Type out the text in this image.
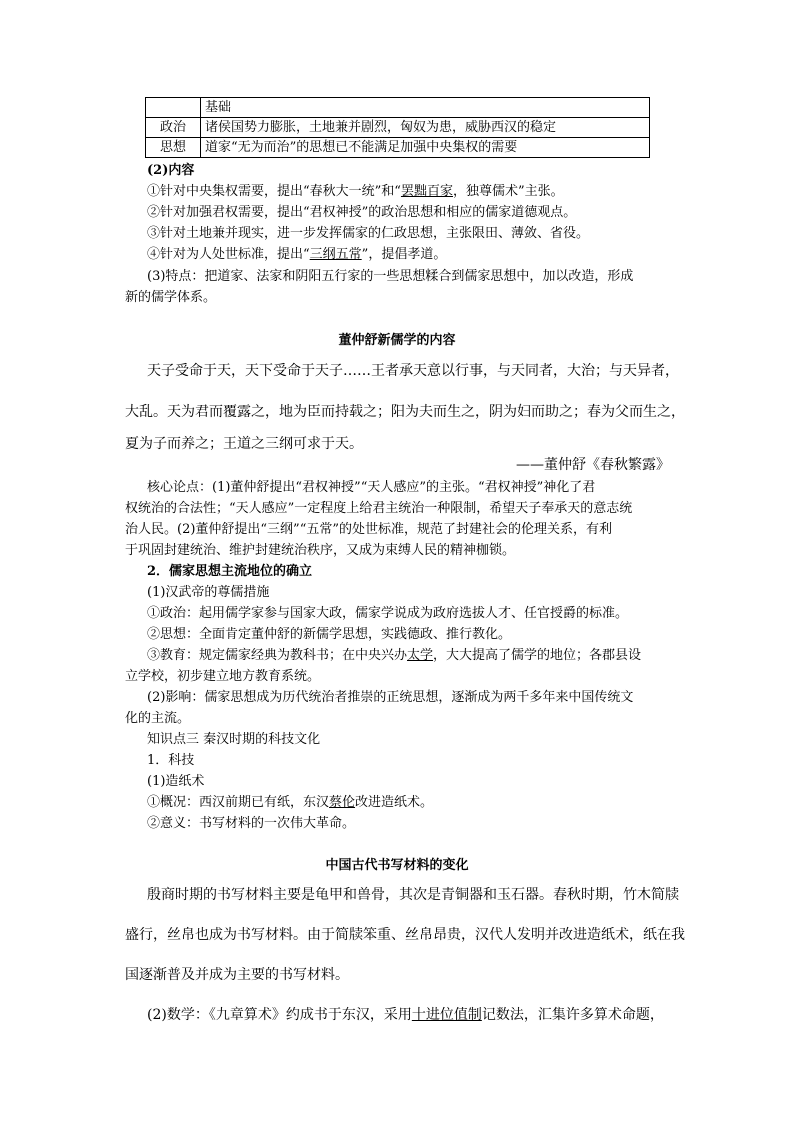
	基础
政治	诸侯国势力膨胀，土地兼并剧烈，匈奴为患，威胁西汉的稳定
思想	道家“无为而治”的思想已不能满足加强中央集权的需要
(2)内容
①针对中央集权需要，提出“春秋大一统”和“罢黜百家，独尊儒术”主张。
②针对加强君权需要，提出“君权神授”的政治思想和相应的儒家道德观点。
③针对土地兼并现实，进一步发挥儒家的仁政思想，主张限田、薄敛、省役。
④针对为人处世标准，提出“三纲五常”，提倡孝道。
(3)特点：把道家、法家和阴阳五行家的一些思想糅合到儒家思想中，加以改造，形成
新的儒学体系。
董仲舒新儒学的内容
天子受命于天，天下受命于天子……王者承天意以行事，与天同者，大治；与天异者，
大乱。天为君而覆露之，地为臣而持载之；阳为夫而生之，阴为妇而助之；春为父而生之，
夏为子而养之；王道之三纲可求于天。
——董仲舒《春秋繁露》
核心论点：(1)董仲舒提出“君权神授”“天人感应”的主张。“君权神授”神化了君
权统治的合法性；“天人感应”一定程度上给君主统治一种限制，希望天子奉承天的意志统
治人民。(2)董仲舒提出“三纲”“五常”的处世标准，规范了封建社会的伦理关系，有利
于巩固封建统治、维护封建统治秩序，又成为束缚人民的精神枷锁。
2．儒家思想主流地位的确立
(1)汉武帝的尊儒措施
①政治：起用儒学家参与国家大政，儒家学说成为政府选拔人才、任官授爵的标准。
②思想：全面肯定董仲舒的新儒学思想，实践德政、推行教化。
③教育：规定儒家经典为教科书；在中央兴办太学，大大提高了儒学的地位；各郡县设
立学校，初步建立地方教育系统。
(2)影响：儒家思想成为历代统治者推崇的正统思想，逐渐成为两千多年来中国传统文
化的主流。
知识点三 秦汉时期的科技文化
1．科技
(1)造纸术
①概况：西汉前期已有纸，东汉蔡伦改进造纸术。
②意义：书写材料的一次伟大革命。
中国古代书写材料的变化
殷商时期的书写材料主要是龟甲和兽骨，其次是青铜器和玉石器。春秋时期，竹木简牍
盛行，丝帛也成为书写材料。由于简牍笨重、丝帛昂贵，汉代人发明并改进造纸术，纸在我
国逐渐普及并成为主要的书写材料。
(2)数学：《九章算术》约成书于东汉，采用十进位值制记数法，汇集许多算术命题，
